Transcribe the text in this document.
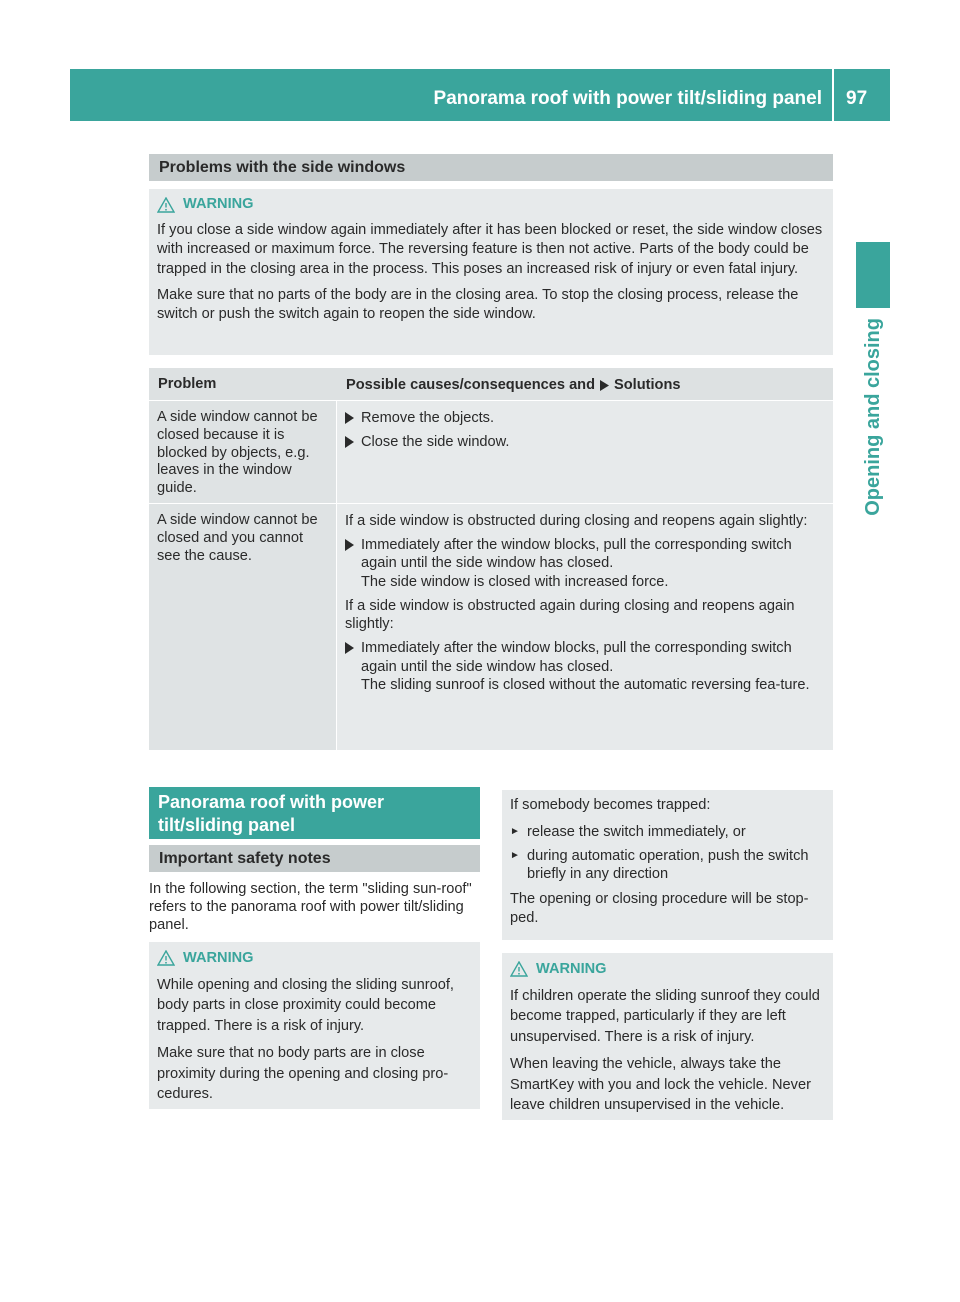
Panorama roof with power tilt/sliding panel 97
Opening and closing
Problems with the side windows
WARNING

If you close a side window again immediately after it has been blocked or reset, the side window closes with increased or maximum force. The reversing feature is then not active. Parts of the body could be trapped in the closing area in the process. This poses an increased risk of injury or even fatal injury.

Make sure that no parts of the body are in the closing area. To stop the closing process, release the switch or push the switch again to reopen the side window.

Problem	Possible causes/consequences and Solutions
A side window cannot be closed because it is blocked by objects, e.g. leaves in the window guide.
Remove the objects.
Close the side window.
A side window cannot be closed and you cannot see the cause.

If a side window is obstructed during closing and reopens again slightly:

Immediately after the window blocks, pull the corresponding switch again until the side window has closed.
The side window is closed with increased force.

If a side window is obstructed again during closing and reopens again slightly:

Immediately after the window blocks, pull the corresponding switch again until the side window has closed.
The sliding sunroof is closed without the automatic reversing fea-ture.
Panorama roof with power tilt/sliding panel
Important safety notes
In the following section, the term "sliding sun-roof" refers to the panorama roof with power tilt/sliding panel.
WARNING

While opening and closing the sliding sunroof, body parts in close proximity could become trapped. There is a risk of injury.

Make sure that no body parts are in close proximity during the opening and closing pro-cedures.

If somebody becomes trapped:

► release the switch immediately, or
► during automatic operation, push the switch briefly in any direction

The opening or closing procedure will be stop-ped.

WARNING

If children operate the sliding sunroof they could become trapped, particularly if they are left unsupervised. There is a risk of injury.

When leaving the vehicle, always take the SmartKey with you and lock the vehicle. Never leave children unsupervised in the vehicle.
